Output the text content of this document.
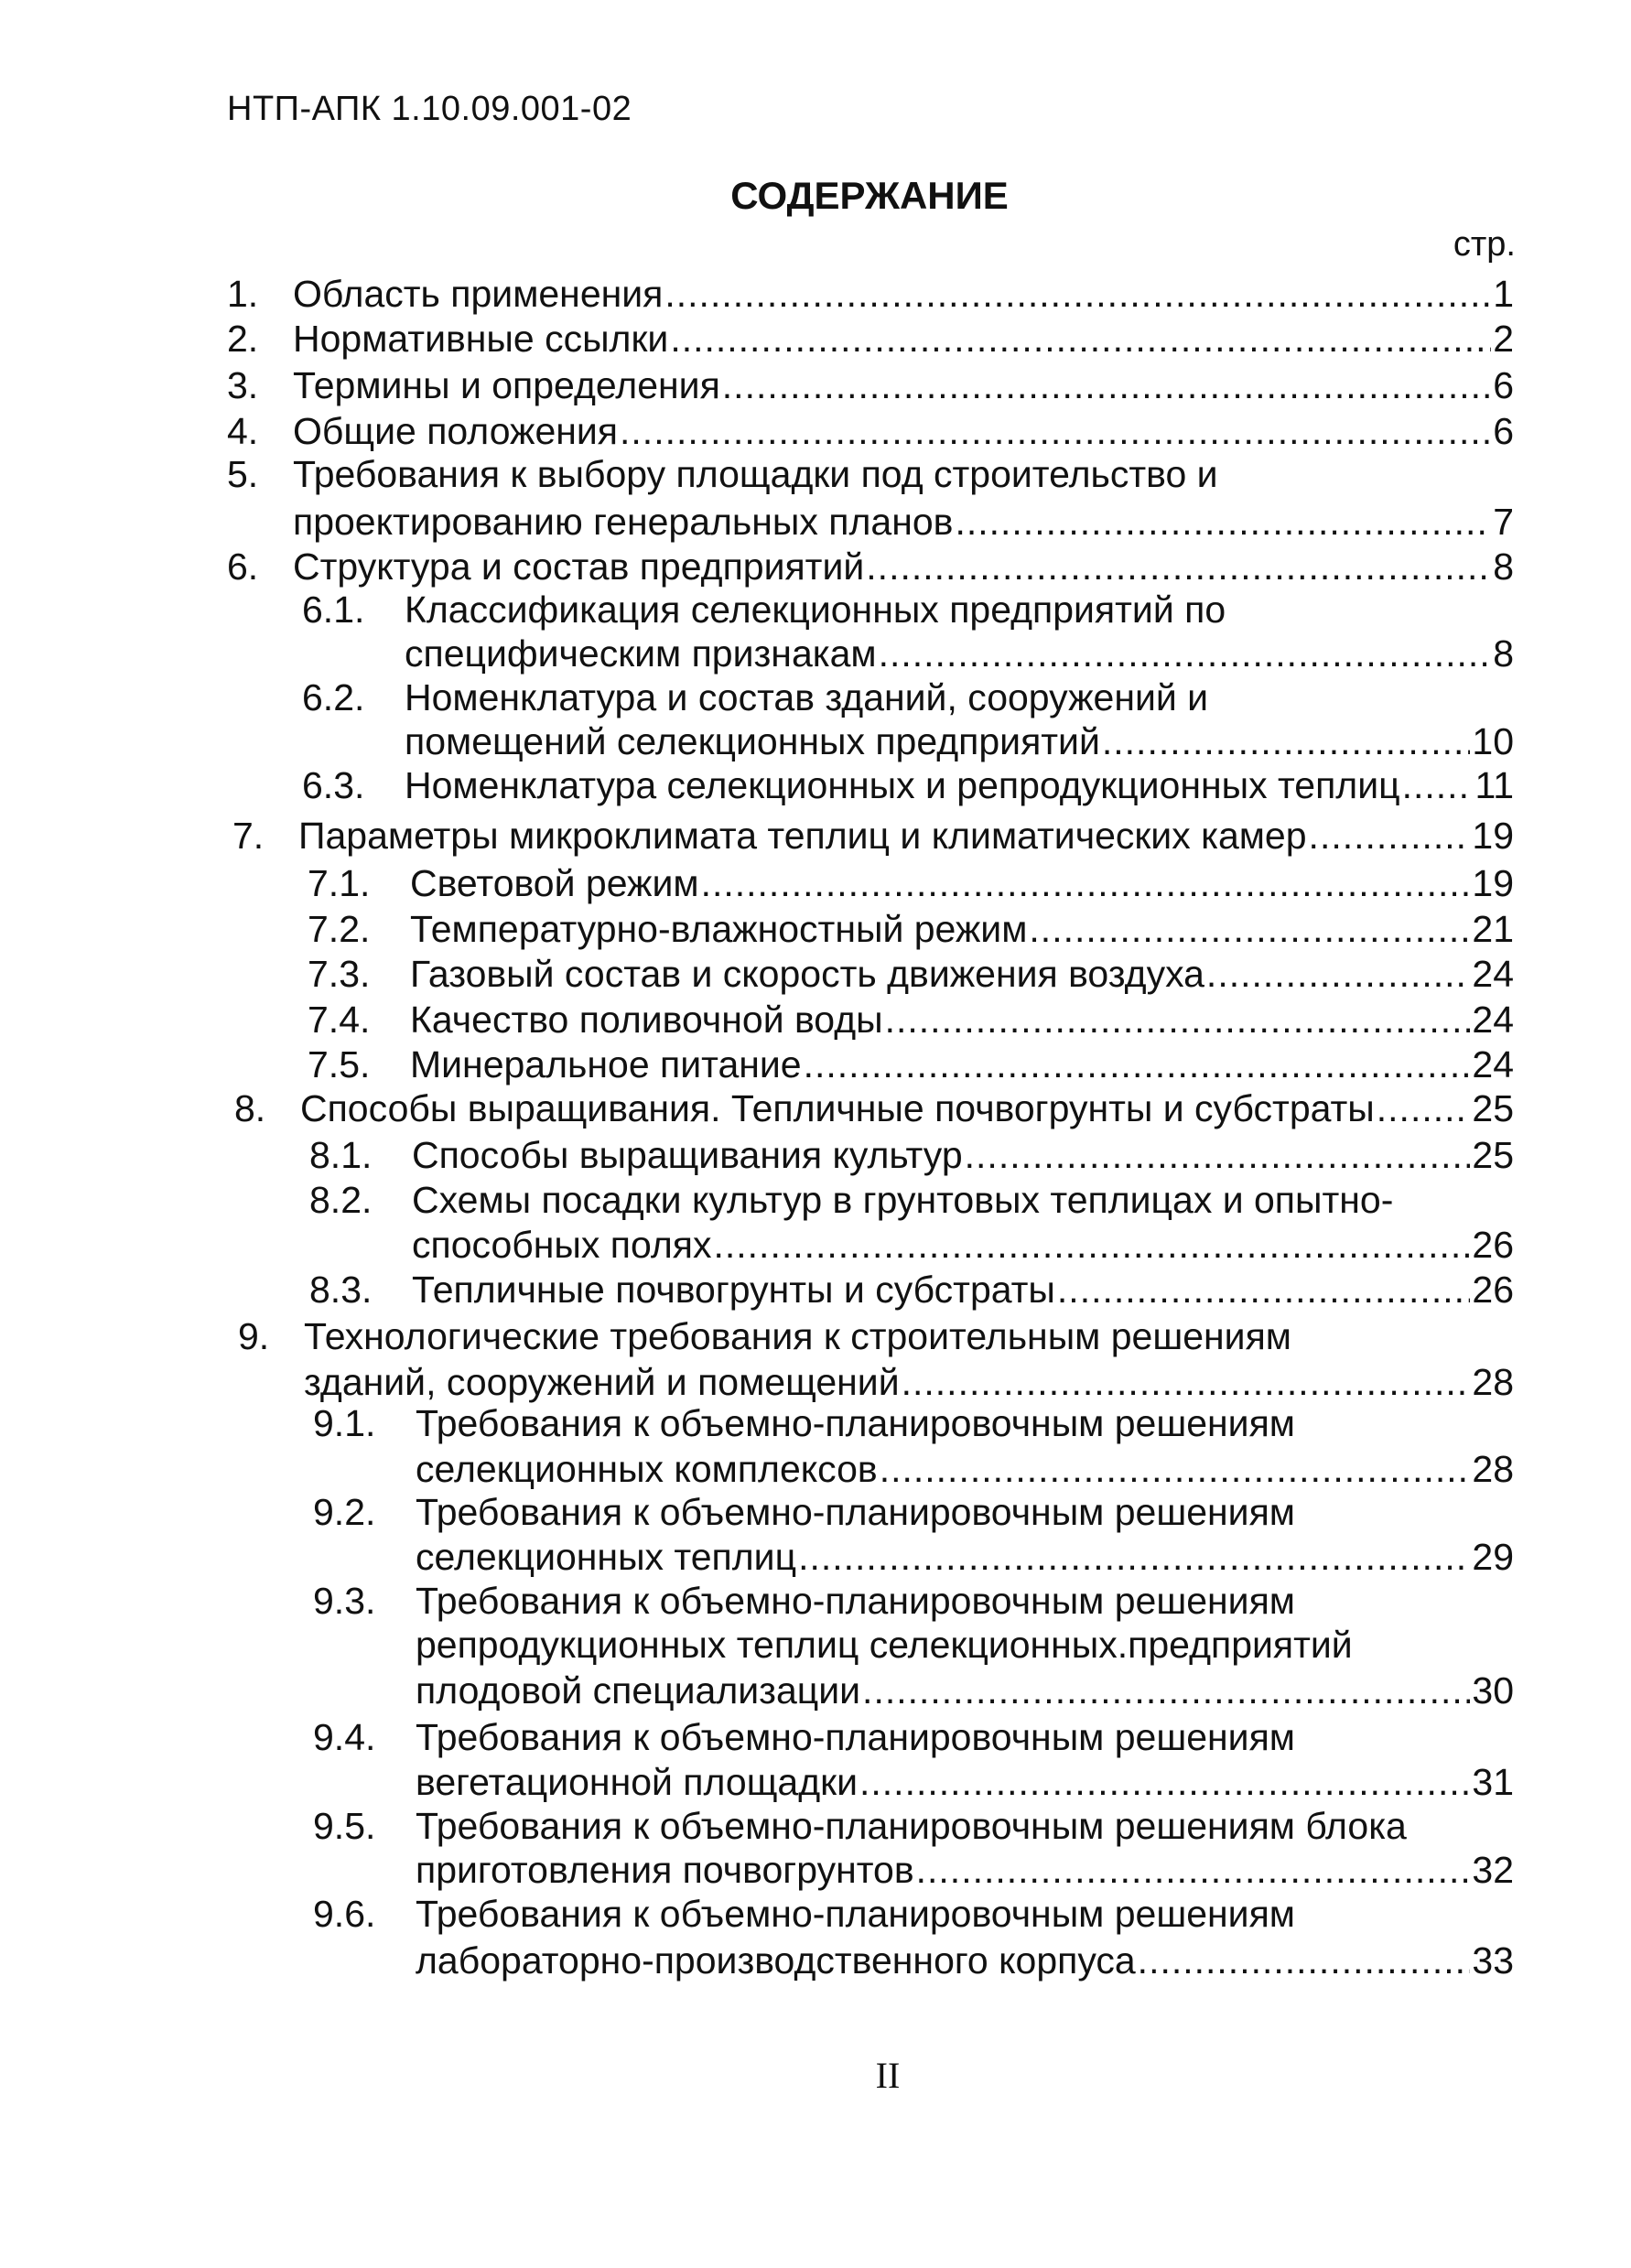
НТП-АПК 1.10.09.001-02
СОДЕРЖАНИЕ
стр.
1. Область применения .....	1
2. Нормативные ссылки .....	2
3. Термины и определения .....	6
4. Общие положения .....	6
5. Требования к выбору площадки под строительство и
проектированию генеральных планов .....	7
6. Структура и состав предприятий .....	8
6.1. Классификация селекционных предприятий по
специфическим признакам .....	8
6.2. Номенклатура и состав зданий, сооружений и
помещений селекционных предприятий .....	10
6.3. Номенклатура селекционных и репродукционных теплиц ..... 11
7. Параметры микроклимата теплиц и климатических камер .....	19
7.1. Световой режим .....	19
7.2. Температурно-влажностный режим .....	21
7.3. Газовый состав и скорость движения воздуха .....	24
7.4. Качество поливочной воды .....	24
7.5. Минеральное питание .....	24
8. Способы выращивания. Тепличные почвогрунты и субстраты .....	25
8.1. Способы выращивания культур .....	25
8.2. Схемы посадки культур в грунтовых теплицах и опытно-
способных полях .....	26
8.3. Тепличные почвогрунты и субстраты .....	26
9. Технологические требования к строительным решениям
зданий, сооружений и помещений .....	28
9.1. Требования к объемно-планировочным решениям
селекционных комплексов .....	28
9.2. Требования к объемно-планировочным решениям
селекционных теплиц .....	29
9.3. Требования к объемно-планировочным решениям
репродукционных теплиц селекционных.предприятий
плодовой специализации .....	30
9.4. Требования к объемно-планировочным решениям
вегетационной площадки .....	31
9.5. Требования к объемно-планировочным решениям блока
приготовления почвогрунтов .....	32
9.6. Требования к объемно-планировочным решениям
лабораторно-производственного корпуса .....	33
II
